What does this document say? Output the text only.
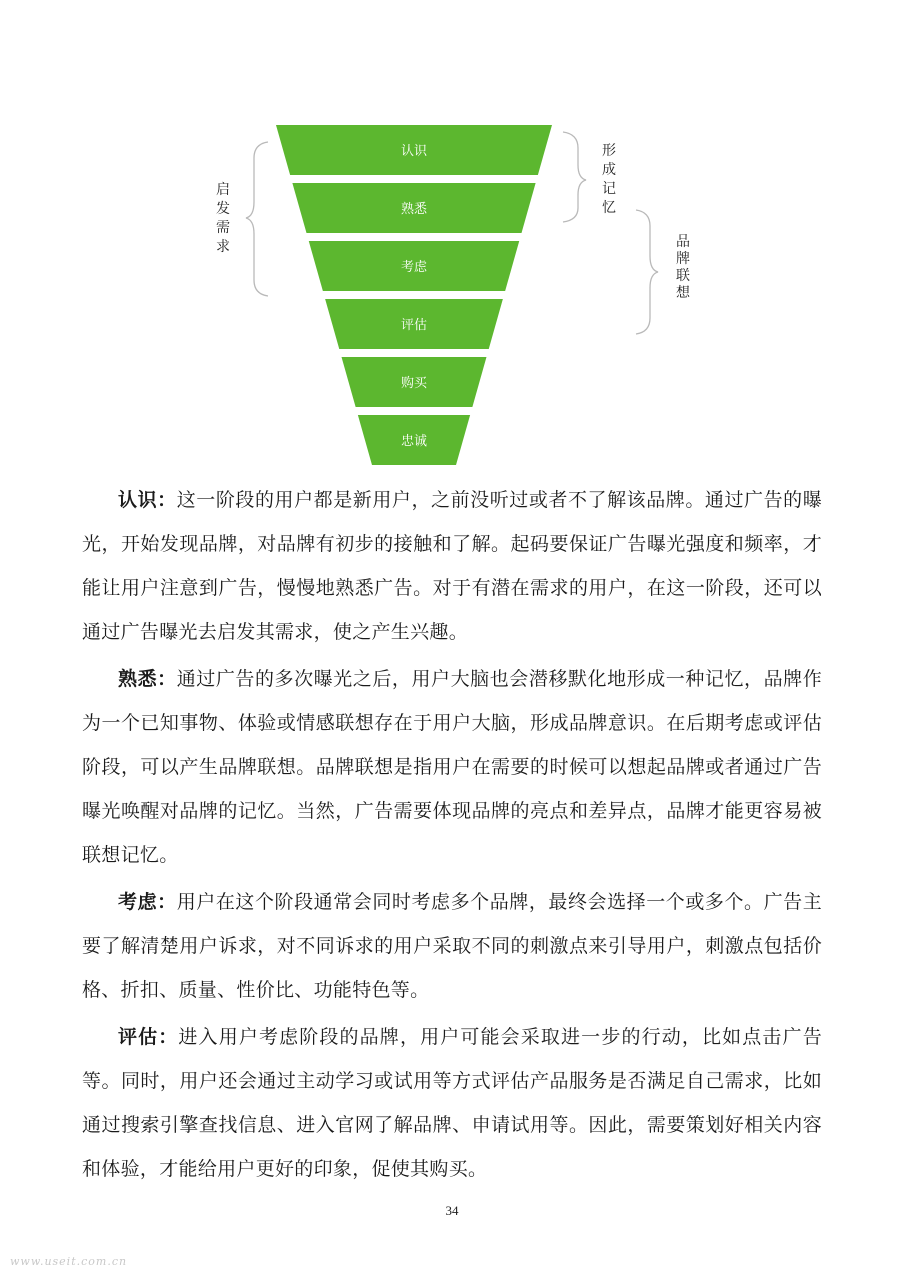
认识
熟悉
考虑
评估
购买
忠诚
启发需求
形成记忆
品牌联想

认识：这一阶段的用户都是新用户，之前没听过或者不了解该品牌。通过广告的曝光，开始发现品牌，对品牌有初步的接触和了解。起码要保证广告曝光强度和频率，才能让用户注意到广告，慢慢地熟悉广告。对于有潜在需求的用户，在这一阶段，还可以通过广告曝光去启发其需求，使之产生兴趣。

熟悉：通过广告的多次曝光之后，用户大脑也会潜移默化地形成一种记忆，品牌作为一个已知事物、体验或情感联想存在于用户大脑，形成品牌意识。在后期考虑或评估阶段，可以产生品牌联想。品牌联想是指用户在需要的时候可以想起品牌或者通过广告曝光唤醒对品牌的记忆。当然，广告需要体现品牌的亮点和差异点，品牌才能更容易被联想记忆。

考虑：用户在这个阶段通常会同时考虑多个品牌，最终会选择一个或多个。广告主要了解清楚用户诉求，对不同诉求的用户采取不同的刺激点来引导用户，刺激点包括价格、折扣、质量、性价比、功能特色等。

评估：进入用户考虑阶段的品牌，用户可能会采取进一步的行动，比如点击广告等。同时，用户还会通过主动学习或试用等方式评估产品服务是否满足自己需求，比如通过搜索引擎查找信息、进入官网了解品牌、申请试用等。因此，需要策划好相关内容和体验，才能给用户更好的印象，促使其购买。

34
www.useit.com.cn
